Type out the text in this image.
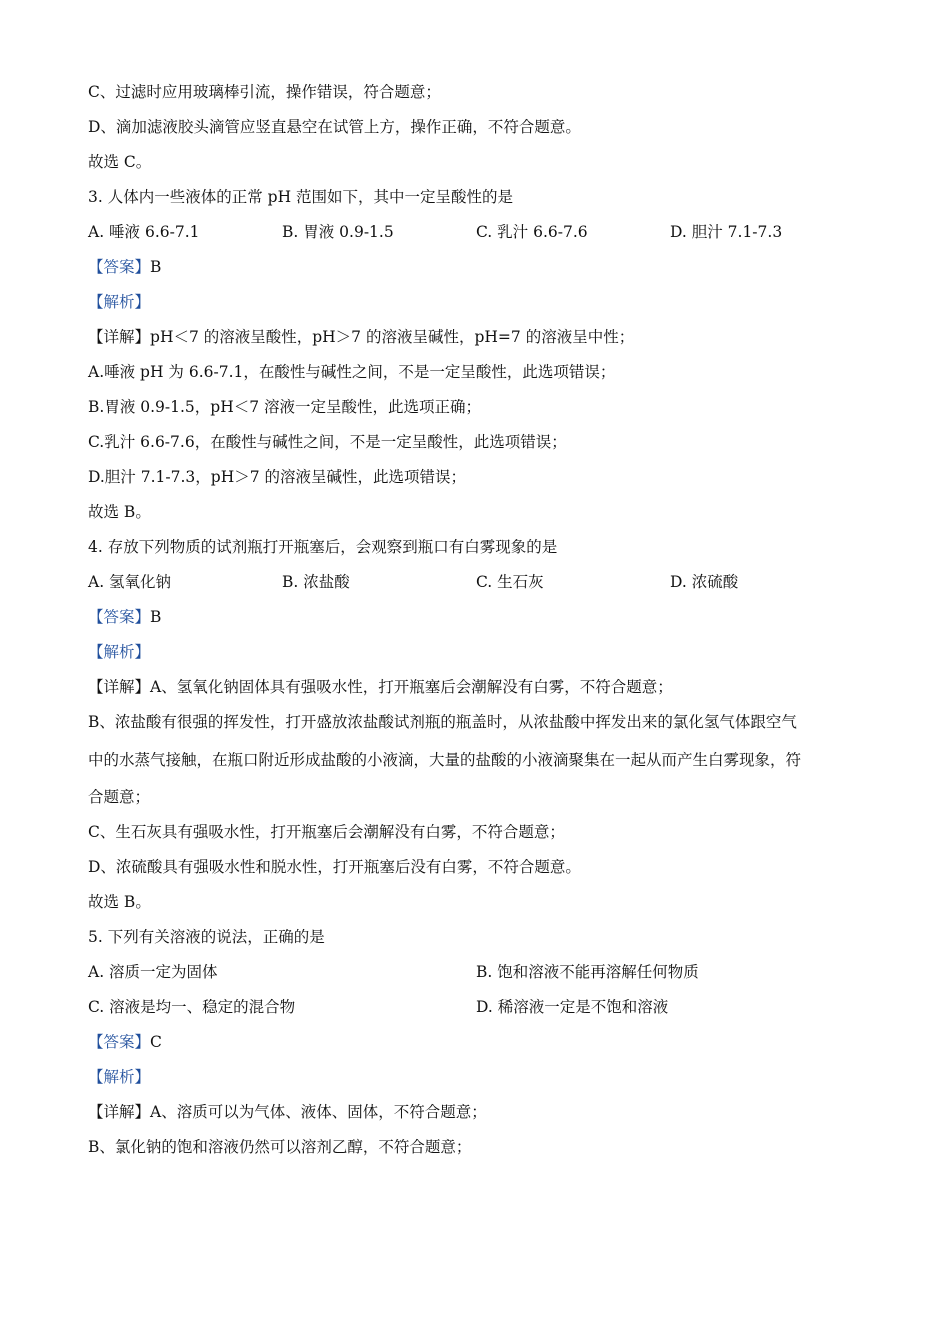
C、过滤时应用玻璃棒引流，操作错误，符合题意；
D、滴加滤液胶头滴管应竖直悬空在试管上方，操作正确，不符合题意。
故选 C。
3. 人体内一些液体的正常 pH 范围如下，其中一定呈酸性的是
A. 唾液 6.6-7.1	B. 胃液 0.9-1.5	C. 乳汁 6.6-7.6	D. 胆汁 7.1-7.3
【答案】B
【解析】
【详解】pH＜7 的溶液呈酸性，pH＞7 的溶液呈碱性，pH=7 的溶液呈中性；
A.唾液 pH 为 6.6-7.1，在酸性与碱性之间，不是一定呈酸性，此选项错误；
B.胃液 0.9-1.5，pH＜7 溶液一定呈酸性，此选项正确；
C.乳汁 6.6-7.6，在酸性与碱性之间，不是一定呈酸性，此选项错误；
D.胆汁 7.1-7.3，pH＞7 的溶液呈碱性，此选项错误；
故选 B。
4. 存放下列物质的试剂瓶打开瓶塞后，会观察到瓶口有白雾现象的是
A. 氢氧化钠	B. 浓盐酸	C. 生石灰	D. 浓硫酸
【答案】B
【解析】
【详解】A、氢氧化钠固体具有强吸水性，打开瓶塞后会潮解没有白雾，不符合题意；
B、浓盐酸有很强的挥发性，打开盛放浓盐酸试剂瓶的瓶盖时，从浓盐酸中挥发出来的氯化氢气体跟空气
中的水蒸气接触，在瓶口附近形成盐酸的小液滴，大量的盐酸的小液滴聚集在一起从而产生白雾现象，符
合题意；
C、生石灰具有强吸水性，打开瓶塞后会潮解没有白雾，不符合题意；
D、浓硫酸具有强吸水性和脱水性，打开瓶塞后没有白雾，不符合题意。
故选 B。
5. 下列有关溶液的说法，正确的是
A. 溶质一定为固体	B. 饱和溶液不能再溶解任何物质
C. 溶液是均一、稳定的混合物	D. 稀溶液一定是不饱和溶液
【答案】C
【解析】
【详解】A、溶质可以为气体、液体、固体，不符合题意；
B、氯化钠的饱和溶液仍然可以溶剂乙醇，不符合题意；
